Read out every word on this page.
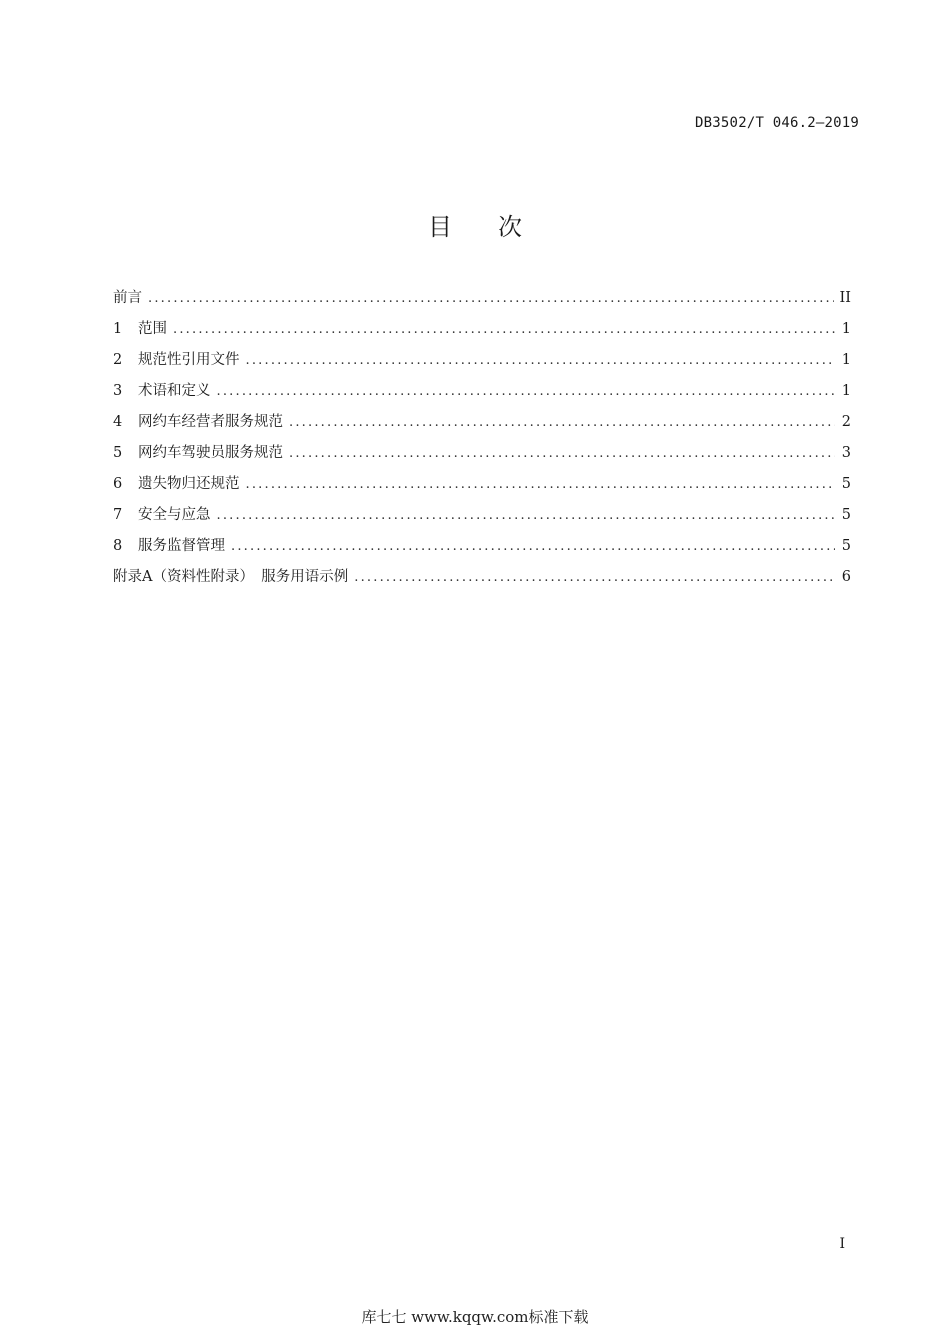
DB3502/T 046.2—2019
目次
前言 .....	II
1	范围 .....	1
2	规范性引用文件 .....	1
3	术语和定义 .....	1
4	网约车经营者服务规范 .....	2
5	网约车驾驶员服务规范 .....	3
6	遗失物归还规范 .....	5
7	安全与应急 .....	5
8	服务监督管理 .....	5
附录A（资料性附录）　服务用语示例 .....	6
I
库七七 www.kqqw.com标准下载
